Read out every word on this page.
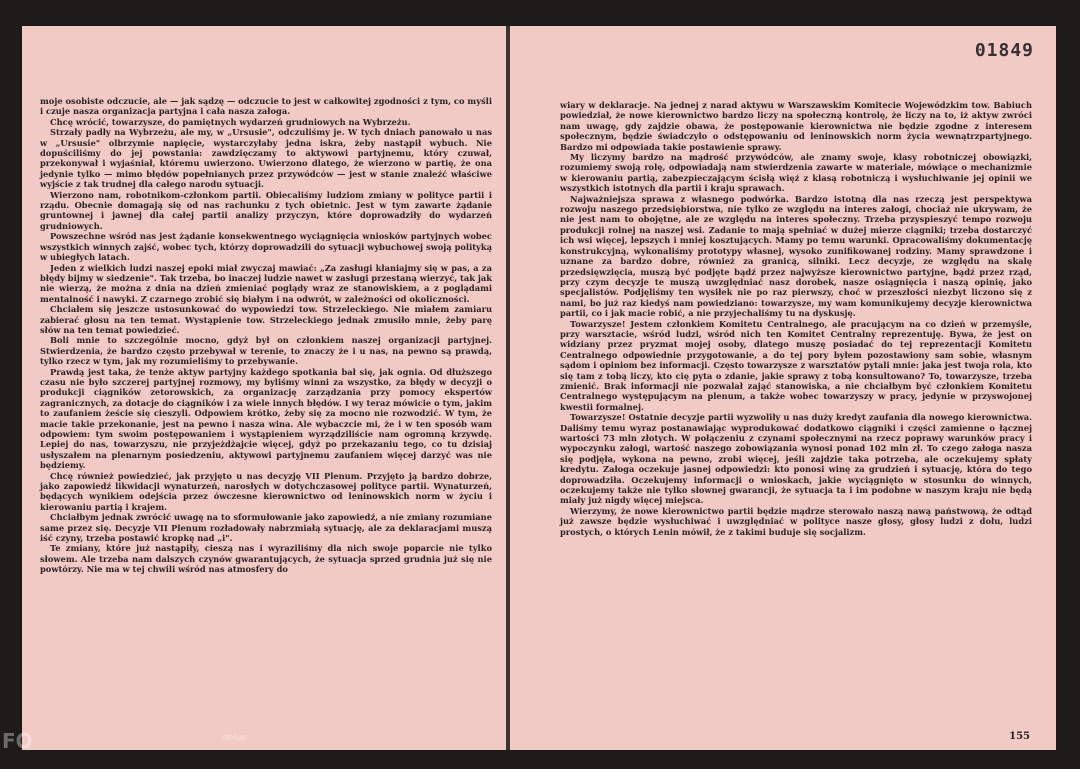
moje osobiste odczucie, ale — jak sądzę — odczucie to jest w całkowitej zgodności z tym, co myśli i czuje nasza organizacja partyjna i cała nasza załoga.

Chcę wrócić, towarzysze, do pamiętnych wydarzeń grudniowych na Wybrzeżu.

Strzały padły na Wybrzeżu, ale my, w „Ursusie", odczuliśmy je. W tych dniach panowało u nas w „Ursusie" olbrzymie napięcie, wystarczyłaby jedna iskra, żeby nastąpił wybuch. Nie dopuściliśmy do jej powstania: zawdzięczamy to aktywowi partyjnemu, który czuwał, przekonywał i wyjaśniał, któremu uwierzono. Uwierzono dlatego, że wierzono w partię, że ona jedynie tylko — mimo błędów popełnianych przez przywódców — jest w stanie znaleźć właściwe wyjście z tak trudnej dla całego narodu sytuacji.

Wierzono nam, robotnikom-członkom partii. Obiecaliśmy ludziom zmiany w polityce partii i rządu. Obecnie domagają się od nas rachunku z tych obietnic. Jest w tym zawarte żądanie gruntownej i jawnej dla całej partii analizy przyczyn, które doprowadziły do wydarzeń grudniowych.

Powszechne wśród nas jest żądanie konsekwentnego wyciągnięcia wniosków partyjnych wobec wszystkich winnych zajść, wobec tych, którzy doprowadzili do sytuacji wybuchowej swoją polityką w ubiegłych latach.

Jeden z wielkich ludzi naszej epoki miał zwyczaj mawiać: „Za zasługi kłaniajmy się w pas, a za błędy bijmy w siedzenie". Tak trzeba, bo inaczej ludzie nawet w zasługi przestaną wierzyć, tak jak nie wierzą, że można z dnia na dzień zmieniać poglądy wraz ze stanowiskiem, a z poglądami mentalność i nawyki. Z czarnego zrobić się białym i na odwrót, w zależności od okoliczności.

Chciałem się jeszcze ustosunkować do wypowiedzi tow. Strzeleckiego. Nie miałem zamiaru zabierać głosu na ten temat. Wystąpienie tow. Strzeleckiego jednak zmusiło mnie, żeby parę słów na ten temat powiedzieć.

Boli mnie to szczególnie mocno, gdyż był on członkiem naszej organizacji partyjnej. Stwierdzenia, że bardzo często przebywał w terenie, to znaczy że i u nas, na pewno są prawdą, tylko rzecz w tym, jak my rozumieliśmy to przebywanie.

Prawdą jest taka, że tenże aktyw partyjny każdego spotkania bał się, jak ognia. Od dłuższego czasu nie było szczerej partyjnej rozmowy, my byliśmy winni za wszystko, za błędy w decyzji o produkcji ciągników zetorowskich, za organizację zarządzania przy pomocy ekspertów zagranicznych, za dotacje do ciągników i za wiele innych błędów. I wy teraz mówicie o tym, jakim to zaufaniem żeście się cieszyli. Odpowiem krótko, żeby się za mocno nie rozwodzić. W tym, że macie takie przekonanie, jest na pewno i nasza wina. Ale wybaczcie mi, że i w ten sposób wam odpowiem: tym swoim postępowaniem i wystąpieniem wyrządziliście nam ogromną krzywdę. Lepiej do nas, towarzyszu, nie przyjeżdżajcie więcej, gdyż po przekazaniu tego, co tu dzisiaj usłyszałem na plenarnym posiedzeniu, aktywowi partyjnemu zaufaniem więcej darzyć was nie będziemy.

Chcę również powiedzieć, jak przyjęto u nas decyzję VII Plenum. Przyjęto ją bardzo dobrze, jako zapowiedź likwidacji wynaturzeń, narosłych w dotychczasowej polityce partii. Wynaturzeń, będących wynikiem odejścia przez ówczesne kierownictwo od leninowskich norm w życiu i kierowaniu partią i krajem.

Chciałbym jednak zwrócić uwagę na to sformułowanie jako zapowiedź, a nie zmiany rozumiane same przez się. Decyzje VII Plenum rozładowały nabrzmiałą sytuację, ale za deklaracjami muszą iść czyny, trzeba postawić kropkę nad „i".

Te zmiany, które już nastąpiły, cieszą nas i wyraziliśmy dla nich swoje poparcie nie tylko słowem. Ale trzeba nam dalszych czynów gwarantujących, że sytuacja sprzed grudnia już się nie powtórzy. Nie ma w tej chwili wśród nas atmosfery do

01849

wiary w deklaracje. Na jednej z narad aktywu w Warszawskim Komitecie Wojewódzkim tow. Babiuch powiedział, że nowe kierownictwo bardzo liczy na społeczną kontrolę, że liczy na to, iż aktyw zwróci nam uwagę, gdy zajdzie obawa, że postępowanie kierownictwa nie będzie zgodne z interesem społecznym, będzie świadczyło o odstępowaniu od leninowskich norm życia wewnątrzpartyjnego. Bardzo mi odpowiada takie postawienie sprawy.

My liczymy bardzo na mądrość przywódców, ale znamy swoje, klasy robotniczej obowiązki, rozumiemy swoją rolę, odpowiadają nam stwierdzenia zawarte w materiale, mówiące o mechanizmie w kierowaniu partią, zabezpieczającym ścisłą więź z klasą robotniczą i wysłuchiwanie jej opinii we wszystkich istotnych dla partii i kraju sprawach.

Najważniejsza sprawa z własnego podwórka. Bardzo istotną dla nas rzeczą jest perspektywa rozwoju naszego przedsiębiorstwa, nie tylko ze względu na interes załogi, chociaż nie ukrywam, że nie jest nam to obojętne, ale ze względu na interes społeczny. Trzeba przyspieszyć tempo rozwoju produkcji rolnej na naszej wsi. Zadanie to mają spełniać w dużej mierze ciągniki; trzeba dostarczyć ich wsi więcej, lepszych i mniej kosztujących. Mamy po temu warunki. Opracowaliśmy dokumentację konstrukcyjną, wykonaliśmy prototypy własnej, wysoko zunifikowanej rodziny. Mamy sprawdzone i uznane za bardzo dobre, również za granicą, silniki. Lecz decyzje, ze względu na skalę przedsięwzięcia, muszą być podjęte bądź przez najwyższe kierownictwo partyjne, bądź przez rząd, przy czym decyzje te muszą uwzględniać nasz dorobek, nasze osiągnięcia i naszą opinię, jako specjalistów. Podjęliśmy ten wysiłek nie po raz pierwszy, choć w przeszłości niezbyt liczono się z nami, bo już raz kiedyś nam powiedziano: towarzysze, my wam komunikujemy decyzje kierownictwa partii, co i jak macie robić, a nie przyjechaliśmy tu na dyskusję.

Towarzysze! Jestem członkiem Komitetu Centralnego, ale pracującym na co dzień w przemyśle, przy warsztacie, wśród ludzi, wśród nich ten Komitet Centralny reprezentuję. Bywa, że jest on widziany przez pryzmat mojej osoby, dlatego muszę posiadać do tej reprezentacji Komitetu Centralnego odpowiednie przygotowanie, a do tej pory byłem pozostawiony sam sobie, własnym sądom i opiniom bez informacji. Często towarzysze z warsztatów pytali mnie: jaka jest twoja rola, kto się tam z tobą liczy, kto cię pyta o zdanie, jakie sprawy z tobą konsultowano? To, towarzysze, trzeba zmienić. Brak informacji nie pozwalał zająć stanowiska, a nie chciałbym być członkiem Komitetu Centralnego występującym na plenum, a także wobec towarzyszy w pracy, jedynie w przyswojonej kwestii formalnej.

Towarzysze! Ostatnie decyzje partii wyzwoliły u nas duży kredyt zaufania dla nowego kierownictwa. Daliśmy temu wyraz postanawiając wyprodukować dodatkowo ciągniki i części zamienne o łącznej wartości 73 mln złotych. W połączeniu z czynami społecznymi na rzecz poprawy warunków pracy i wypoczynku załogi, wartość naszego zobowiązania wynosi ponad 102 mln zł. To czego załoga nasza się podjęła, wykona na pewno, zrobi więcej, jeśli zajdzie taka potrzeba, ale oczekujemy spłaty kredytu. Załoga oczekuje jasnej odpowiedzi: kto ponosi winę za grudzień i sytuację, która do tego doprowadziła. Oczekujemy informacji o wnioskach, jakie wyciągnięto w stosunku do winnych, oczekujemy także nie tylko słownej gwarancji, że sytuacja ta i im podobne w naszym kraju nie będą miały już nigdy więcej miejsca.

Wierzymy, że nowe kierownictwo partii będzie mądrze sterowało naszą nawą państwową, że odtąd już zawsze będzie wysłuchiwać i uwzględniać w polityce nasze głosy, głosy ludzi z dołu, ludzi prostych, o których Lenin mówił, że z takimi buduje się socjalizm.

155
FO	onlus
